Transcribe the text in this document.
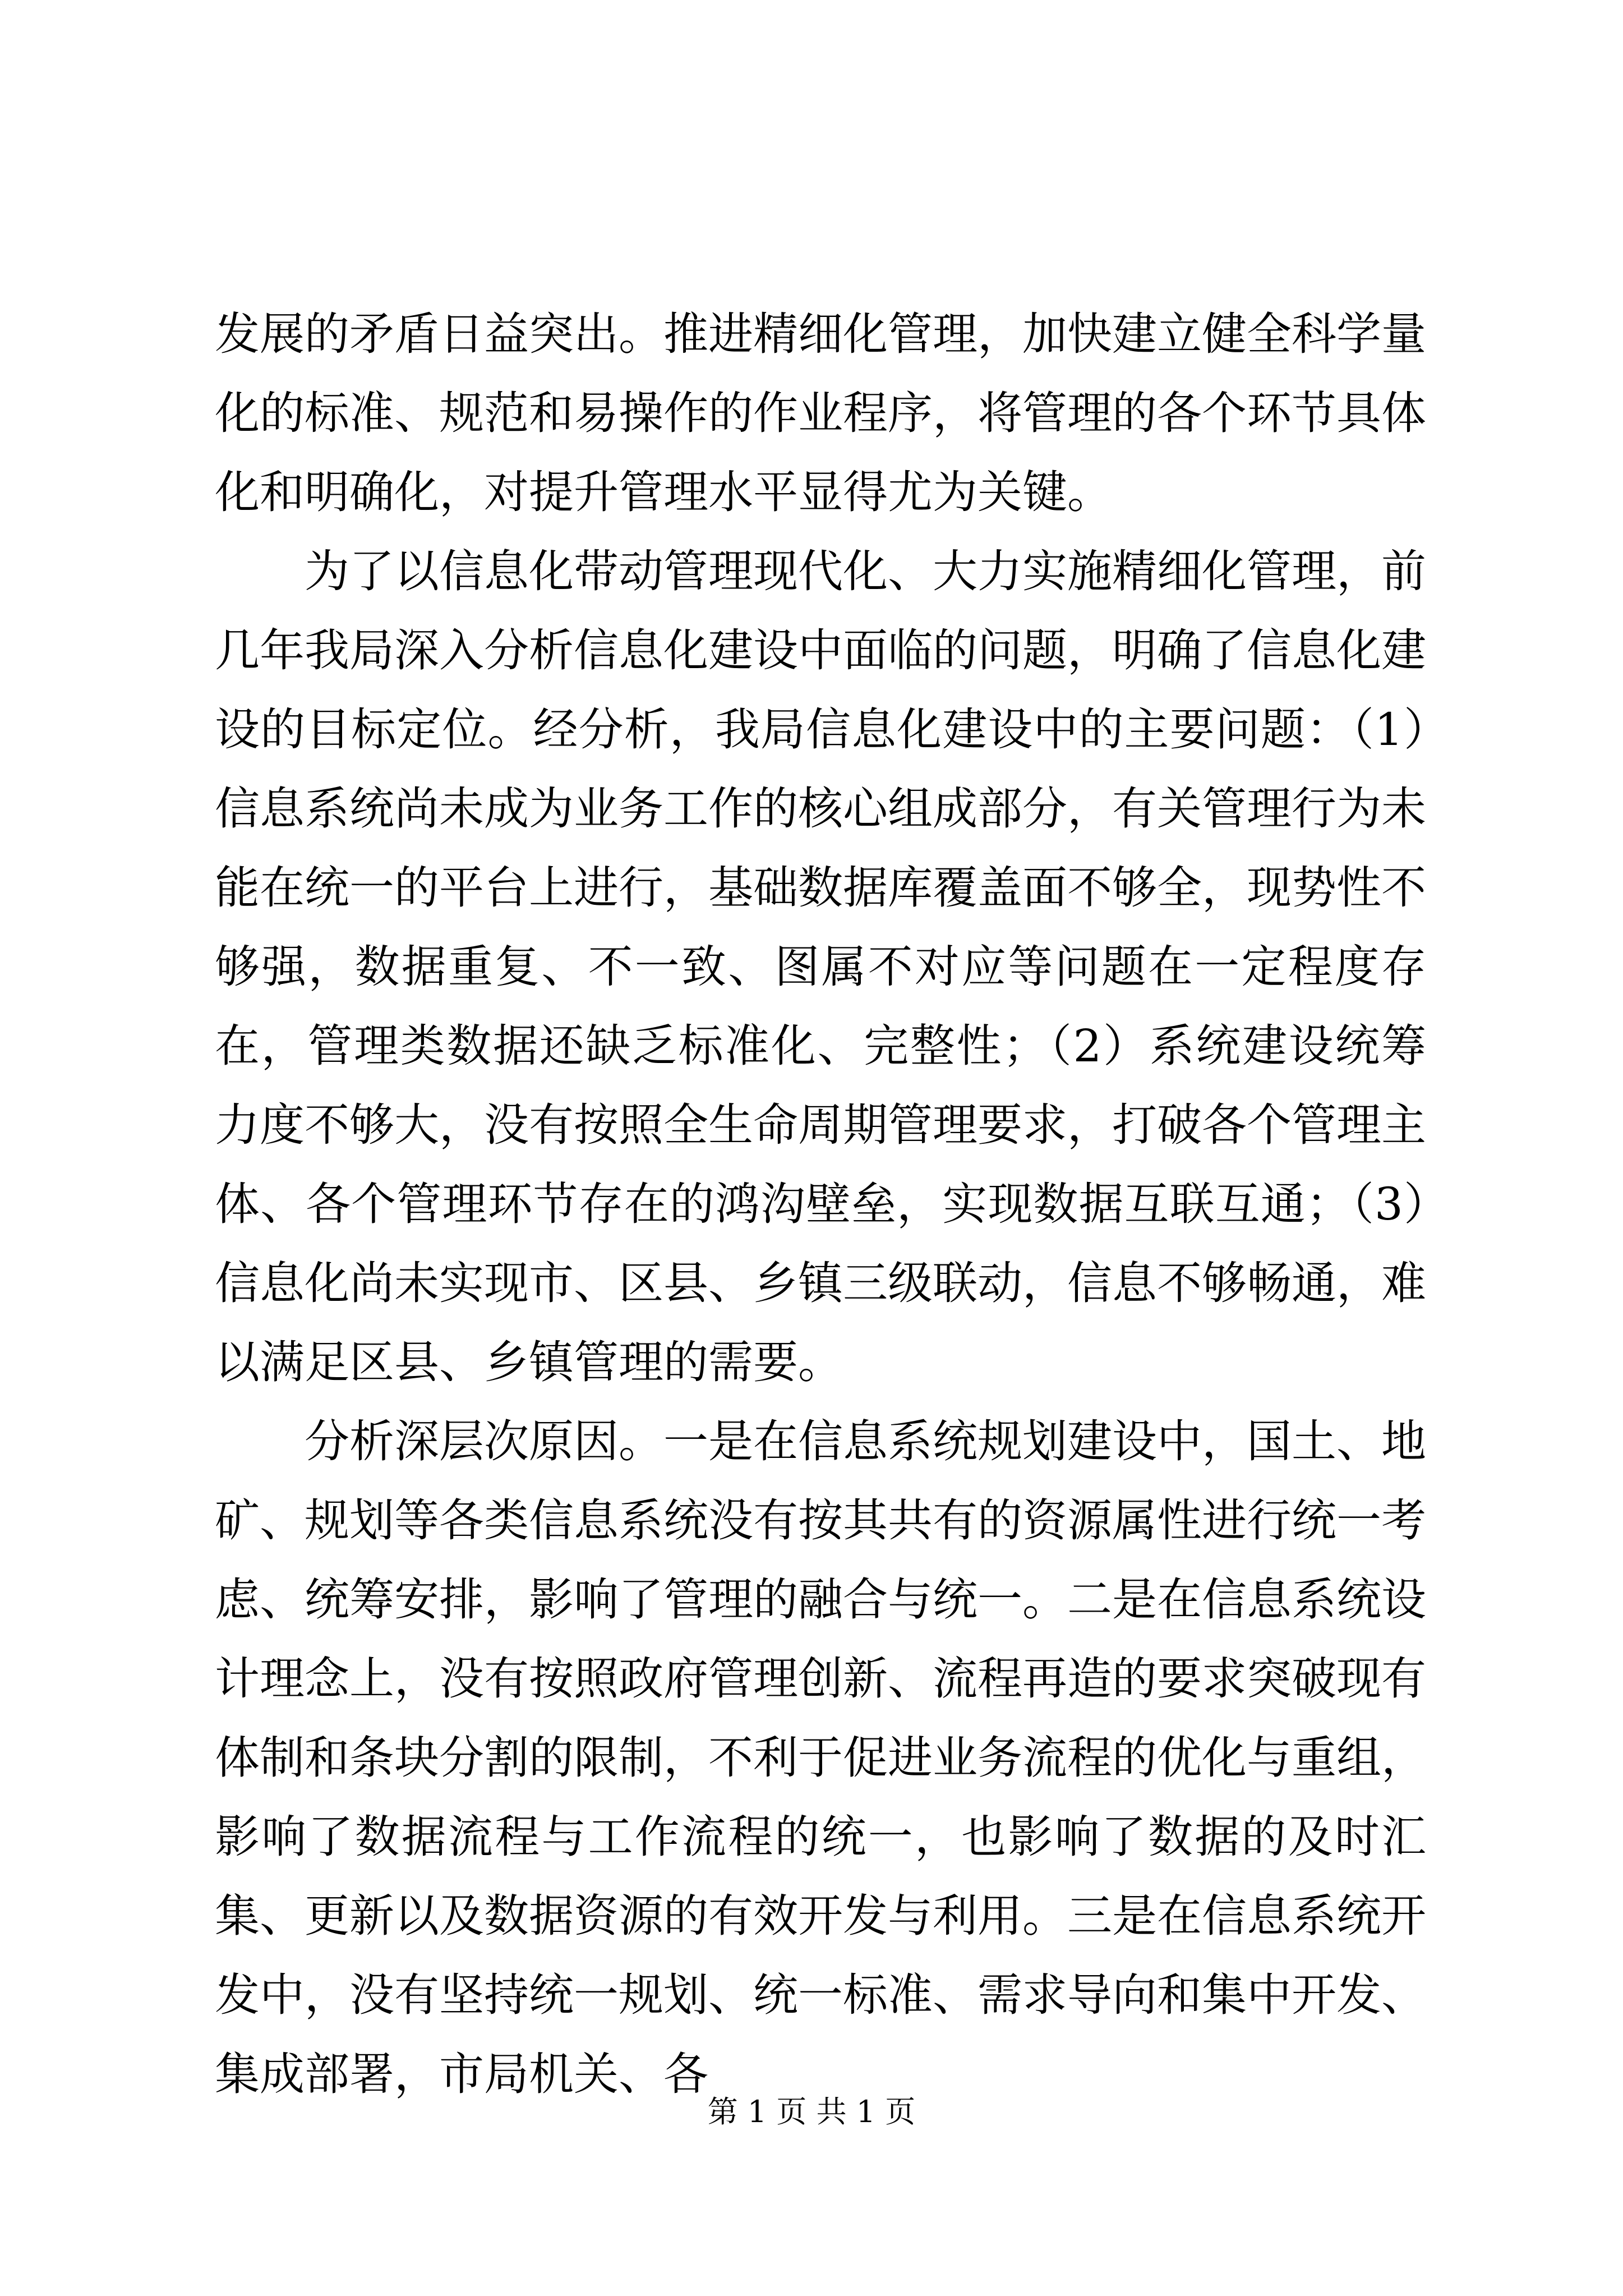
发展的矛盾日益突出。推进精细化管理，加快建立健全科学量化的标准、规范和易操作的作业程序，将管理的各个环节具体化和明确化，对提升管理水平显得尤为关键。

为了以信息化带动管理现代化、大力实施精细化管理，前几年我局深入分析信息化建设中面临的问题，明确了信息化建设的目标定位。经分析，我局信息化建设中的主要问题：（1）信息系统尚未成为业务工作的核心组成部分，有关管理行为未能在统一的平台上进行，基础数据库覆盖面不够全，现势性不够强，数据重复、不一致、图属不对应等问题在一定程度存在，管理类数据还缺乏标准化、完整性；（2）系统建设统筹力度不够大，没有按照全生命周期管理要求，打破各个管理主体、各个管理环节存在的鸿沟壁垒，实现数据互联互通；（3）信息化尚未实现市、区县、乡镇三级联动，信息不够畅通，难以满足区县、乡镇管理的需要。

分析深层次原因。一是在信息系统规划建设中，国土、地矿、规划等各类信息系统没有按其共有的资源属性进行统一考虑、统筹安排，影响了管理的融合与统一。二是在信息系统设计理念上，没有按照政府管理创新、流程再造的要求突破现有体制和条块分割的限制，不利于促进业务流程的优化与重组，影响了数据流程与工作流程的统一，也影响了数据的及时汇集、更新以及数据资源的有效开发与利用。三是在信息系统开发中，没有坚持统一规划、统一标准、需求导向和集中开发、集成部署，市局机关、各

第 1 页 共 1 页
